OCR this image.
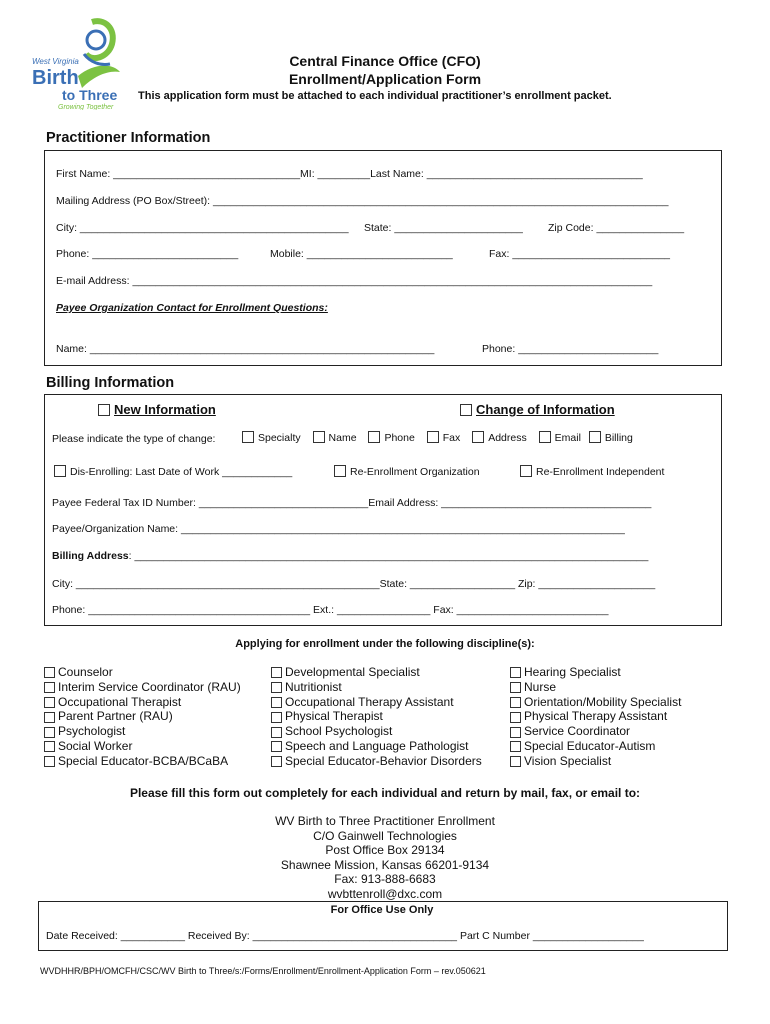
West Virginia
Birth
to Three
Growing Together
Central Finance Office (CFO)
Enrollment/Application Form
This application form must be attached to each individual practitioner’s enrollment packet.
Practitioner Information
First Name: ________________________________MI: _________Last Name: _____________________________________
Mailing Address (PO Box/Street): ______________________________________________________________________________
City: ______________________________________________ State: ______________________ Zip Code: _______________
Phone: _________________________	Mobile: _________________________	Fax: ___________________________
E-mail Address: _________________________________________________________________________________________
Payee Organization Contact for Enrollment Questions:
Name: ___________________________________________________________	Phone: ________________________
Billing Information
New Information	Change of Information
Please indicate the type of change:	Specialty	Name	Phone	Fax	Address	Email Billing
Dis-Enrolling: Last Date of Work ____________	Re-Enrollment Organization	Re-Enrollment Independent
Payee Federal Tax ID Number: _____________________________Email Address: ____________________________________
Payee/Organization Name: ____________________________________________________________________________
Billing Address: ________________________________________________________________________________________
City: ____________________________________________________State: __________________ Zip: ____________________
Phone: ______________________________________ Ext.: ________________ Fax: __________________________
Applying for enrollment under the following discipline(s):
Counselor
Interim Service Coordinator (RAU)
Occupational Therapist
Parent Partner (RAU)
Psychologist
Social Worker
Special Educator-BCBA/BCaBA
Developmental Specialist
Nutritionist
Occupational Therapy Assistant
Physical Therapist
School Psychologist
Speech and Language Pathologist
Special Educator-Behavior Disorders
Hearing Specialist
Nurse
Orientation/Mobility Specialist
Physical Therapy Assistant
Service Coordinator
Special Educator-Autism
Vision Specialist
Please fill this form out completely for each individual and return by mail, fax, or email to:
WV Birth to Three Practitioner Enrollment
C/O Gainwell Technologies
Post Office Box 29134
Shawnee Mission, Kansas 66201-9134
Fax: 913-888-6683
wvbttenroll@dxc.com
For Office Use Only
Date Received: ___________ Received By: ___________________________________ Part C Number ___________________
WVDHHR/BPH/OMCFH/CSC/WV Birth to Three/s:/Forms/Enrollment/Enrollment-Application Form – rev.050621
